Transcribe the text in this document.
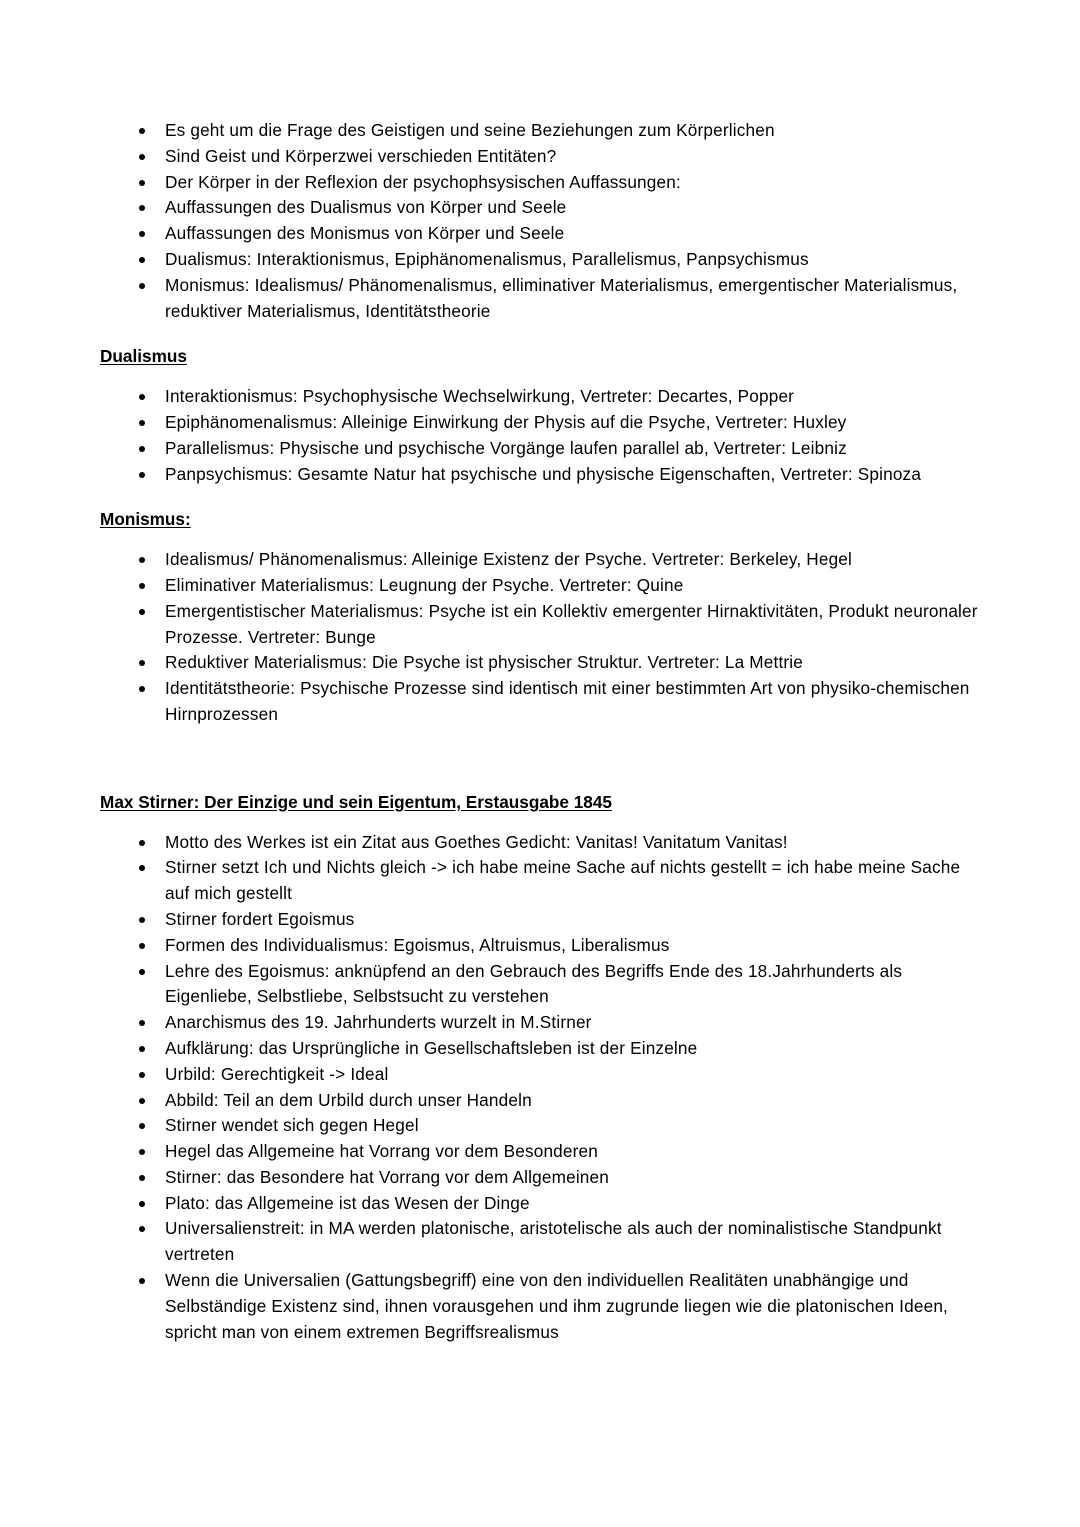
Es geht um die Frage des Geistigen und seine Beziehungen zum Körperlichen
Sind Geist und Körperzwei verschieden Entitäten?
Der Körper in der Reflexion der psychophsysischen Auffassungen:
Auffassungen des Dualismus von Körper und Seele
Auffassungen des Monismus von Körper und Seele
Dualismus: Interaktionismus, Epiphänomenalismus, Parallelismus, Panpsychismus
Monismus: Idealismus/ Phänomenalismus, elliminativer Materialismus, emergentischer Materialismus, reduktiver Materialismus, Identitätstheorie

Dualismus

Interaktionismus: Psychophysische Wechselwirkung, Vertreter: Decartes, Popper
Epiphänomenalismus: Alleinige Einwirkung der Physis auf die Psyche, Vertreter: Huxley
Parallelismus: Physische und psychische Vorgänge laufen parallel ab, Vertreter: Leibniz
Panpsychismus: Gesamte Natur hat psychische und physische Eigenschaften, Vertreter: Spinoza

Monismus:

Idealismus/ Phänomenalismus: Alleinige Existenz der Psyche. Vertreter: Berkeley, Hegel
Eliminativer Materialismus: Leugnung der Psyche. Vertreter: Quine
Emergentistischer Materialismus: Psyche ist ein Kollektiv emergenter Hirnaktivitäten, Produkt neuronaler Prozesse. Vertreter: Bunge
Reduktiver Materialismus: Die Psyche ist physischer Struktur. Vertreter: La Mettrie
Identitätstheorie: Psychische Prozesse sind identisch mit einer bestimmten Art von physiko-chemischen Hirnprozessen

Max Stirner: Der Einzige und sein Eigentum, Erstausgabe 1845

Motto des Werkes ist ein Zitat aus Goethes Gedicht: Vanitas! Vanitatum Vanitas!
Stirner setzt Ich und Nichts gleich -> ich habe meine Sache auf nichts gestellt = ich habe meine Sache auf mich gestellt
Stirner fordert Egoismus
Formen des Individualismus: Egoismus, Altruismus, Liberalismus
Lehre des Egoismus: anknüpfend an den Gebrauch des Begriffs Ende des 18.Jahrhunderts als Eigenliebe, Selbstliebe, Selbstsucht zu verstehen
Anarchismus des 19. Jahrhunderts wurzelt in M.Stirner
Aufklärung: das Ursprüngliche in Gesellschaftsleben ist der Einzelne
Urbild: Gerechtigkeit -> Ideal
Abbild: Teil an dem Urbild durch unser Handeln
Stirner wendet sich gegen Hegel
Hegel das Allgemeine hat Vorrang vor dem Besonderen
Stirner: das Besondere hat Vorrang vor dem Allgemeinen
Plato: das Allgemeine ist das Wesen der Dinge
Universalienstreit: in MA werden platonische, aristotelische als auch der nominalistische Standpunkt vertreten
Wenn die Universalien (Gattungsbegriff) eine von den individuellen Realitäten unabhängige und Selbständige Existenz sind, ihnen vorausgehen und ihm zugrunde liegen wie die platonischen Ideen, spricht man von einem extremen Begriffsrealismus
